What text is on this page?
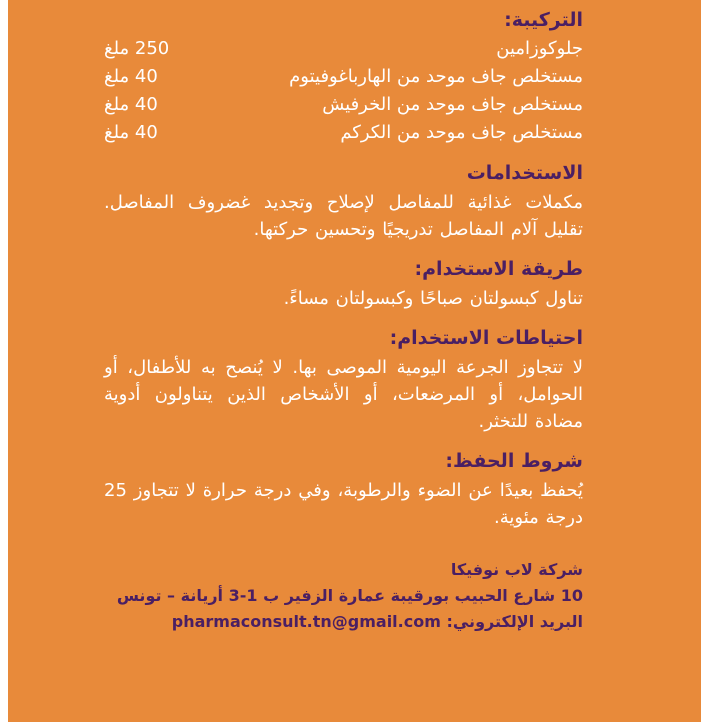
التركيبة:
جلوكوزامين	250 ملغ
مستخلص جاف موحد من الهارباغوفيتوم	40 ملغ
مستخلص جاف موحد من الخرفيش	40 ملغ
مستخلص جاف موحد من الكركم	40 ملغ
الاستخدامات

مكملات غذائية للمفاصل لإصلاح وتجديد غضروف المفاصل. تقليل آلام المفاصل تدريجيًا وتحسين حركتها.

طريقة الاستخدام:

تناول كبسولتان صباحًا وكبسولتان مساءً.

احتياطات الاستخدام:

لا تتجاوز الجرعة اليومية الموصى بها. لا يُنصح به للأطفال، أو الحوامل، أو المرضعات، أو الأشخاص الذين يتناولون أدوية مضادة للتخثر.

شروط الحفظ:

يُحفظ بعيدًا عن الضوء والرطوبة، وفي درجة حرارة لا تتجاوز 25 درجة مئوية.

شركة لاب نوفيكا
10 شارع الحبيب بورقيبة عمارة الزفير ب 1-3 أريانة – تونس
البريد الإلكتروني: pharmaconsult.tn@gmail.com
